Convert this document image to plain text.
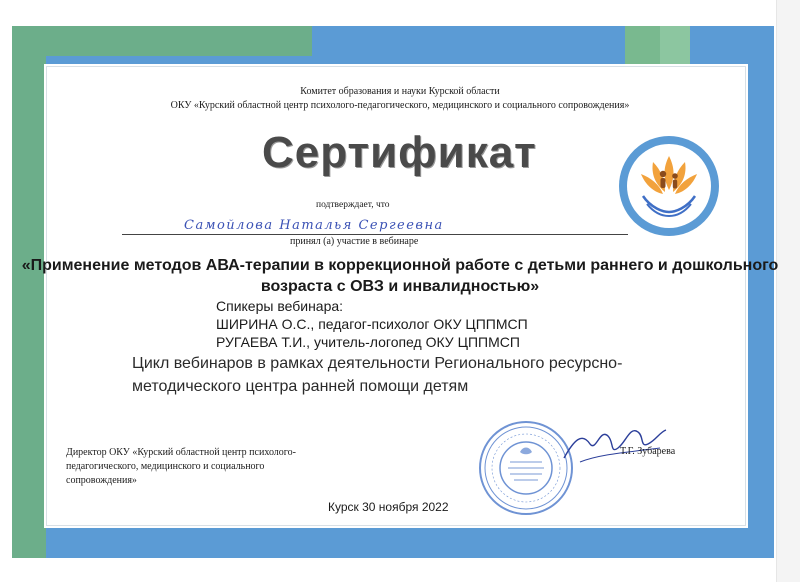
Комитет образования и науки Курской области
ОКУ «Курский областной центр психолого-педагогического, медицинского и социального сопровождения»
Сертификат
подтверждает, что
Самойлова Наталья Сергеевна
принял (а) участие в вебинаре
«Применение методов АВА-терапии в коррекционной работе с детьми раннего и дошкольного возраста с ОВЗ и инвалидностью»
Спикеры вебинара:
ШИРИНА О.С., педагог-психолог ОКУ ЦППМСП
РУГАЕВА Т.И., учитель-логопед ОКУ ЦППМСП
Цикл вебинаров в рамках деятельности Регионального ресурсно-методического центра ранней помощи детям
Директор ОКУ «Курский областной центр психолого-педагогического, медицинского и социального сопровождения»
Т.Г. Зубарева
Курск 30 ноября 2022
